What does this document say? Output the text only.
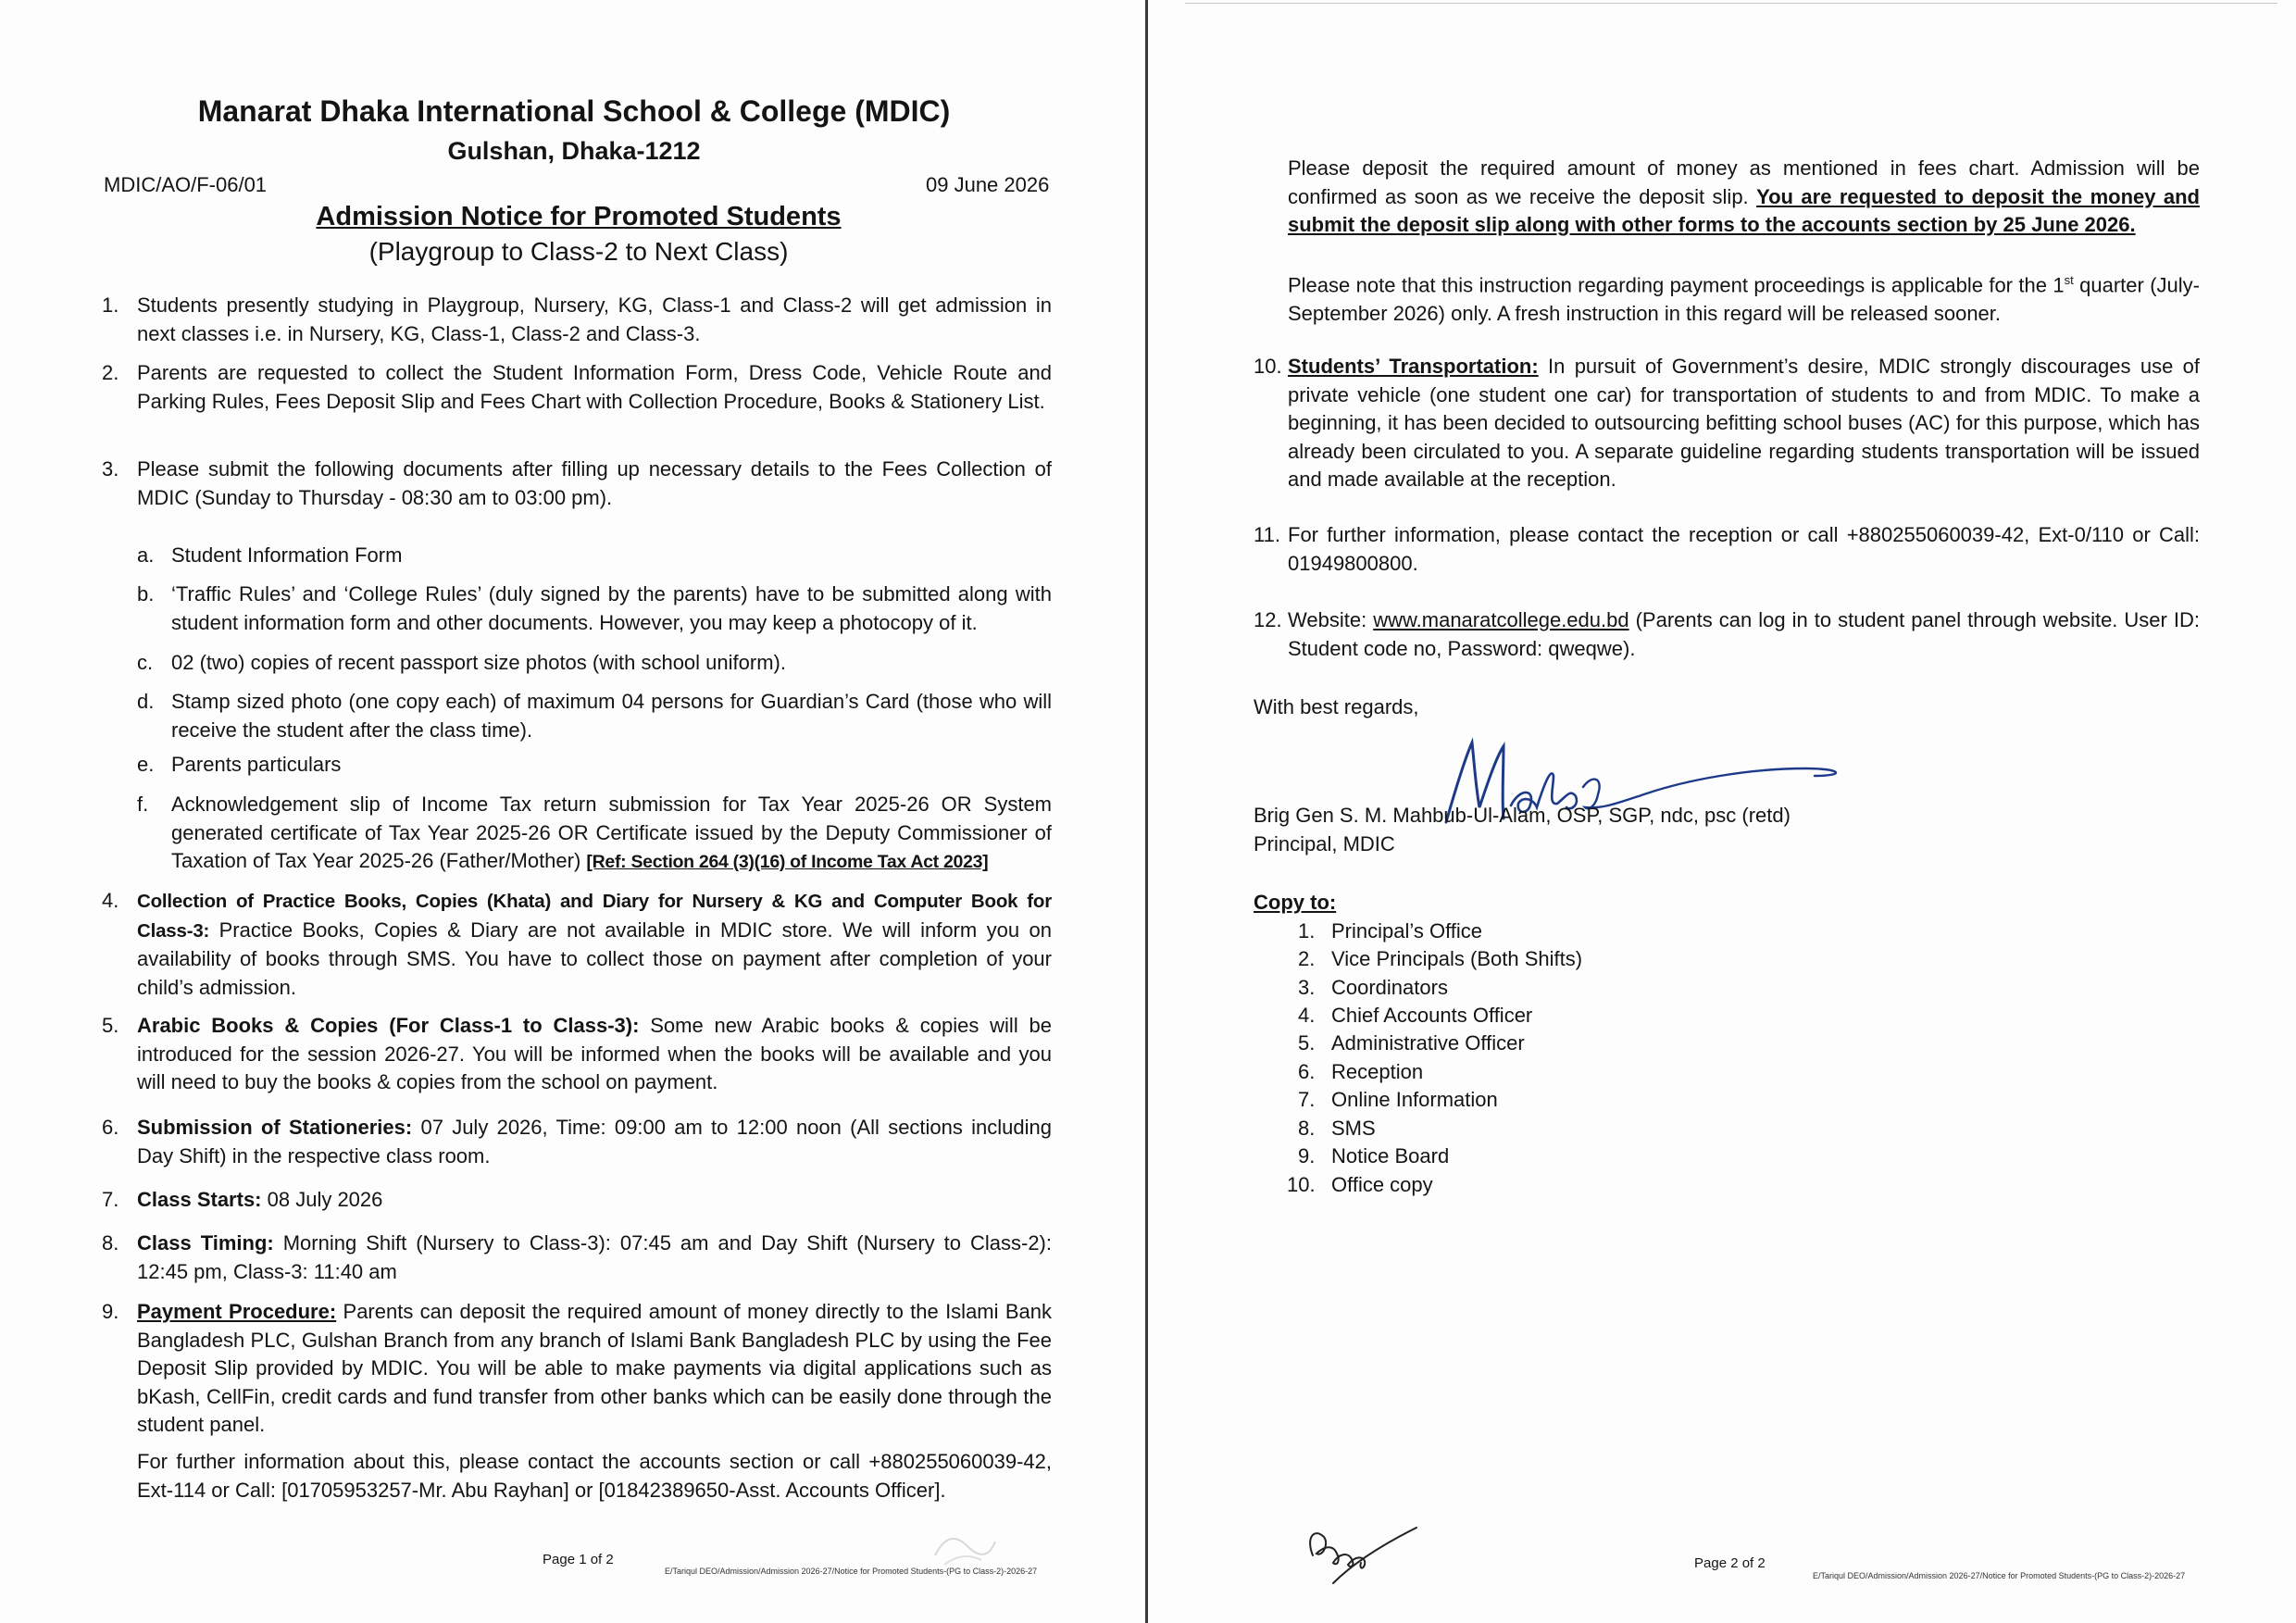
Manarat Dhaka International School & College (MDIC)
Gulshan, Dhaka-1212
MDIC/AO/F-06/01	09 June 2026
Admission Notice for Promoted Students
(Playgroup to Class-2 to Next Class)
1. Students presently studying in Playgroup, Nursery, KG, Class-1 and Class-2 will get admission in next classes i.e. in Nursery, KG, Class-1, Class-2 and Class-3.
2. Parents are requested to collect the Student Information Form, Dress Code, Vehicle Route and Parking Rules, Fees Deposit Slip and Fees Chart with Collection Procedure, Books & Stationery List.
3. Please submit the following documents after filling up necessary details to the Fees Collection of MDIC (Sunday to Thursday - 08:30 am to 03:00 pm).
a. Student Information Form
b. ‘Traffic Rules’ and ‘College Rules’ (duly signed by the parents) have to be submitted along with student information form and other documents. However, you may keep a photocopy of it.
c. 02 (two) copies of recent passport size photos (with school uniform).
d. Stamp sized photo (one copy each) of maximum 04 persons for Guardian’s Card (those who will receive the student after the class time).
e. Parents particulars
f. Acknowledgement slip of Income Tax return submission for Tax Year 2025-26 OR System generated certificate of Tax Year 2025-26 OR Certificate issued by the Deputy Commissioner of Taxation of Tax Year 2025-26 (Father/Mother) [Ref: Section 264 (3)(16) of Income Tax Act 2023]
4. Collection of Practice Books, Copies (Khata) and Diary for Nursery & KG and Computer Book for Class-3: Practice Books, Copies & Diary are not available in MDIC store. We will inform you on availability of books through SMS. You have to collect those on payment after completion of your child’s admission.
5. Arabic Books & Copies (For Class-1 to Class-3): Some new Arabic books & copies will be introduced for the session 2026-27. You will be informed when the books will be available and you will need to buy the books & copies from the school on payment.
6. Submission of Stationeries: 07 July 2026, Time: 09:00 am to 12:00 noon (All sections including Day Shift) in the respective class room.
7. Class Starts: 08 July 2026
8. Class Timing: Morning Shift (Nursery to Class-3): 07:45 am and Day Shift (Nursery to Class-2): 12:45 pm, Class-3: 11:40 am
9. Payment Procedure: Parents can deposit the required amount of money directly to the Islami Bank Bangladesh PLC, Gulshan Branch from any branch of Islami Bank Bangladesh PLC by using the Fee Deposit Slip provided by MDIC. You will be able to make payments via digital applications such as bKash, CellFin, credit cards and fund transfer from other banks which can be easily done through the student panel.
For further information about this, please contact the accounts section or call +880255060039-42, Ext-114 or Call: [01705953257-Mr. Abu Rayhan] or [01842389650-Asst. Accounts Officer].
Page 1 of 2
E/Tariqul DEO/Admission/Admission 2026-27/Notice for Promoted Students-(PG to Class-2)-2026-27
Please deposit the required amount of money as mentioned in fees chart. Admission will be confirmed as soon as we receive the deposit slip. You are requested to deposit the money and submit the deposit slip along with other forms to the accounts section by 25 June 2026.
Please note that this instruction regarding payment proceedings is applicable for the 1st quarter (July-September 2026) only. A fresh instruction in this regard will be released sooner.
10. Students’ Transportation: In pursuit of Government’s desire, MDIC strongly discourages use of private vehicle (one student one car) for transportation of students to and from MDIC. To make a beginning, it has been decided to outsourcing befitting school buses (AC) for this purpose, which has already been circulated to you. A separate guideline regarding students transportation will be issued and made available at the reception.
11. For further information, please contact the reception or call +880255060039-42, Ext-0/110 or Call: 01949800800.
12. Website: www.manaratcollege.edu.bd (Parents can log in to student panel through website. User ID: Student code no, Password: qweqwe).
With best regards,
Brig Gen S. M. Mahbub-Ul-Alam, OSP, SGP, ndc, psc (retd)
Principal, MDIC
Copy to:
1. Principal’s Office
2. Vice Principals (Both Shifts)
3. Coordinators
4. Chief Accounts Officer
5. Administrative Officer
6. Reception
7. Online Information
8. SMS
9. Notice Board
10. Office copy
Page 2 of 2
E/Tariqul DEO/Admission/Admission 2026-27/Notice for Promoted Students-(PG to Class-2)-2026-27
